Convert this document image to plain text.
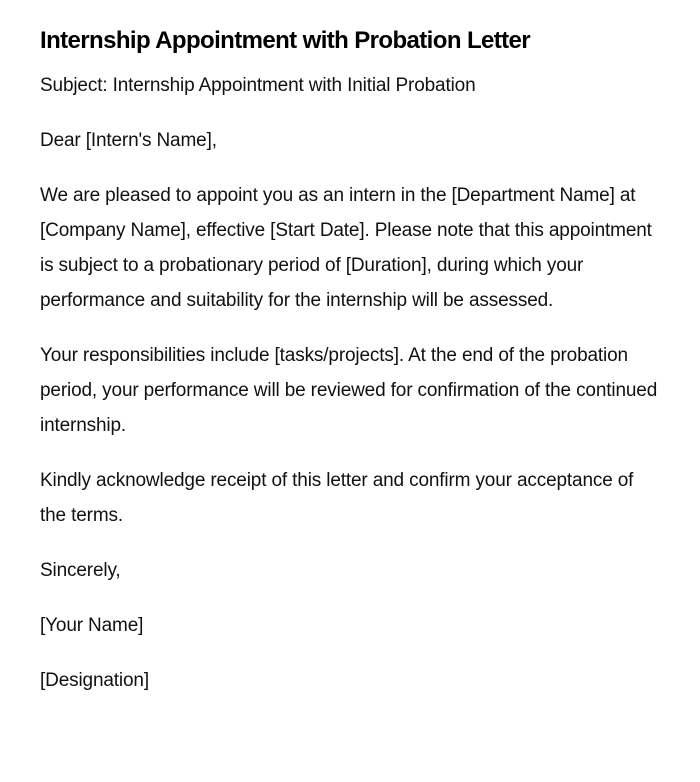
Internship Appointment with Probation Letter

Subject: Internship Appointment with Initial Probation

Dear [Intern's Name],

We are pleased to appoint you as an intern in the [Department Name] at [Company Name], effective [Start Date]. Please note that this appointment is subject to a probationary period of [Duration], during which your performance and suitability for the internship will be assessed.

Your responsibilities include [tasks/projects]. At the end of the probation period, your performance will be reviewed for confirmation of the continued internship.

Kindly acknowledge receipt of this letter and confirm your acceptance of the terms.

Sincerely,

[Your Name]

[Designation]
